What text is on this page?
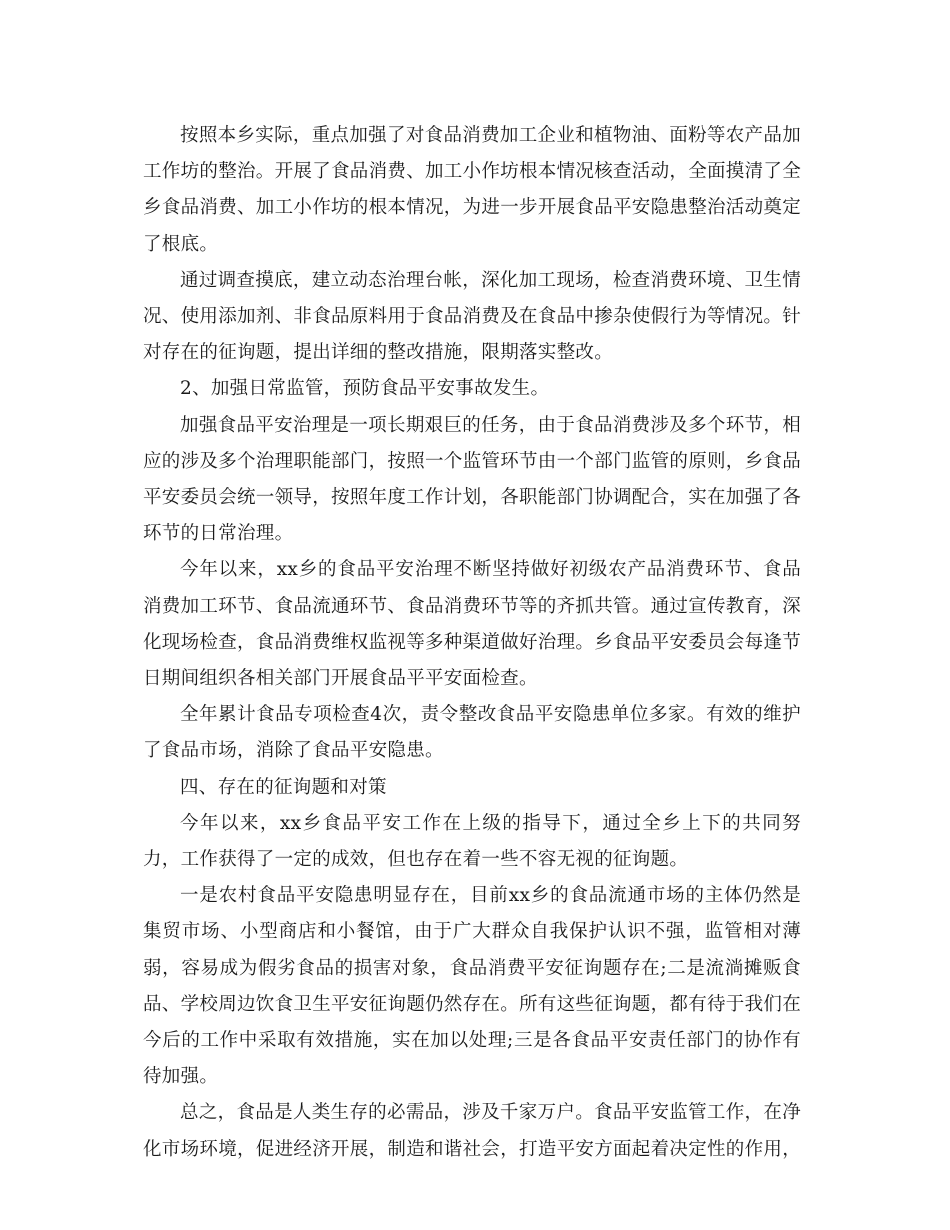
按照本乡实际，重点加强了对食品消费加工企业和植物油、面粉等农产品加工作坊的整治。开展了食品消费、加工小作坊根本情况核查活动，全面摸清了全乡食品消费、加工小作坊的根本情况，为进一步开展食品平安隐患整治活动奠定了根底。

通过调查摸底，建立动态治理台帐，深化加工现场，检查消费环境、卫生情况、使用添加剂、非食品原料用于食品消费及在食品中掺杂使假行为等情况。针对存在的征询题，提出详细的整改措施，限期落实整改。

2、加强日常监管，预防食品平安事故发生。

加强食品平安治理是一项长期艰巨的任务，由于食品消费涉及多个环节，相应的涉及多个治理职能部门，按照一个监管环节由一个部门监管的原则，乡食品平安委员会统一领导，按照年度工作计划，各职能部门协调配合，实在加强了各环节的日常治理。

今年以来，xx乡的食品平安治理不断坚持做好初级农产品消费环节、食品消费加工环节、食品流通环节、食品消费环节等的齐抓共管。通过宣传教育，深化现场检查，食品消费维权监视等多种渠道做好治理。乡食品平安委员会每逢节日期间组织各相关部门开展食品平平安面检查。

全年累计食品专项检查4次，责令整改食品平安隐患单位多家。有效的维护了食品市场，消除了食品平安隐患。

四、存在的征询题和对策

今年以来，xx乡食品平安工作在上级的指导下，通过全乡上下的共同努力，工作获得了一定的成效，但也存在着一些不容无视的征询题。

一是农村食品平安隐患明显存在，目前xx乡的食品流通市场的主体仍然是集贸市场、小型商店和小餐馆，由于广大群众自我保护认识不强，监管相对薄弱，容易成为假劣食品的损害对象，食品消费平安征询题存在;二是流淌摊贩食品、学校周边饮食卫生平安征询题仍然存在。所有这些征询题，都有待于我们在今后的工作中采取有效措施，实在加以处理;三是各食品平安责任部门的协作有待加强。

总之，食品是人类生存的必需品，涉及千家万户。食品平安监管工作，在净化市场环境，促进经济开展，制造和谐社会，打造平安方面起着决定性的作用，
